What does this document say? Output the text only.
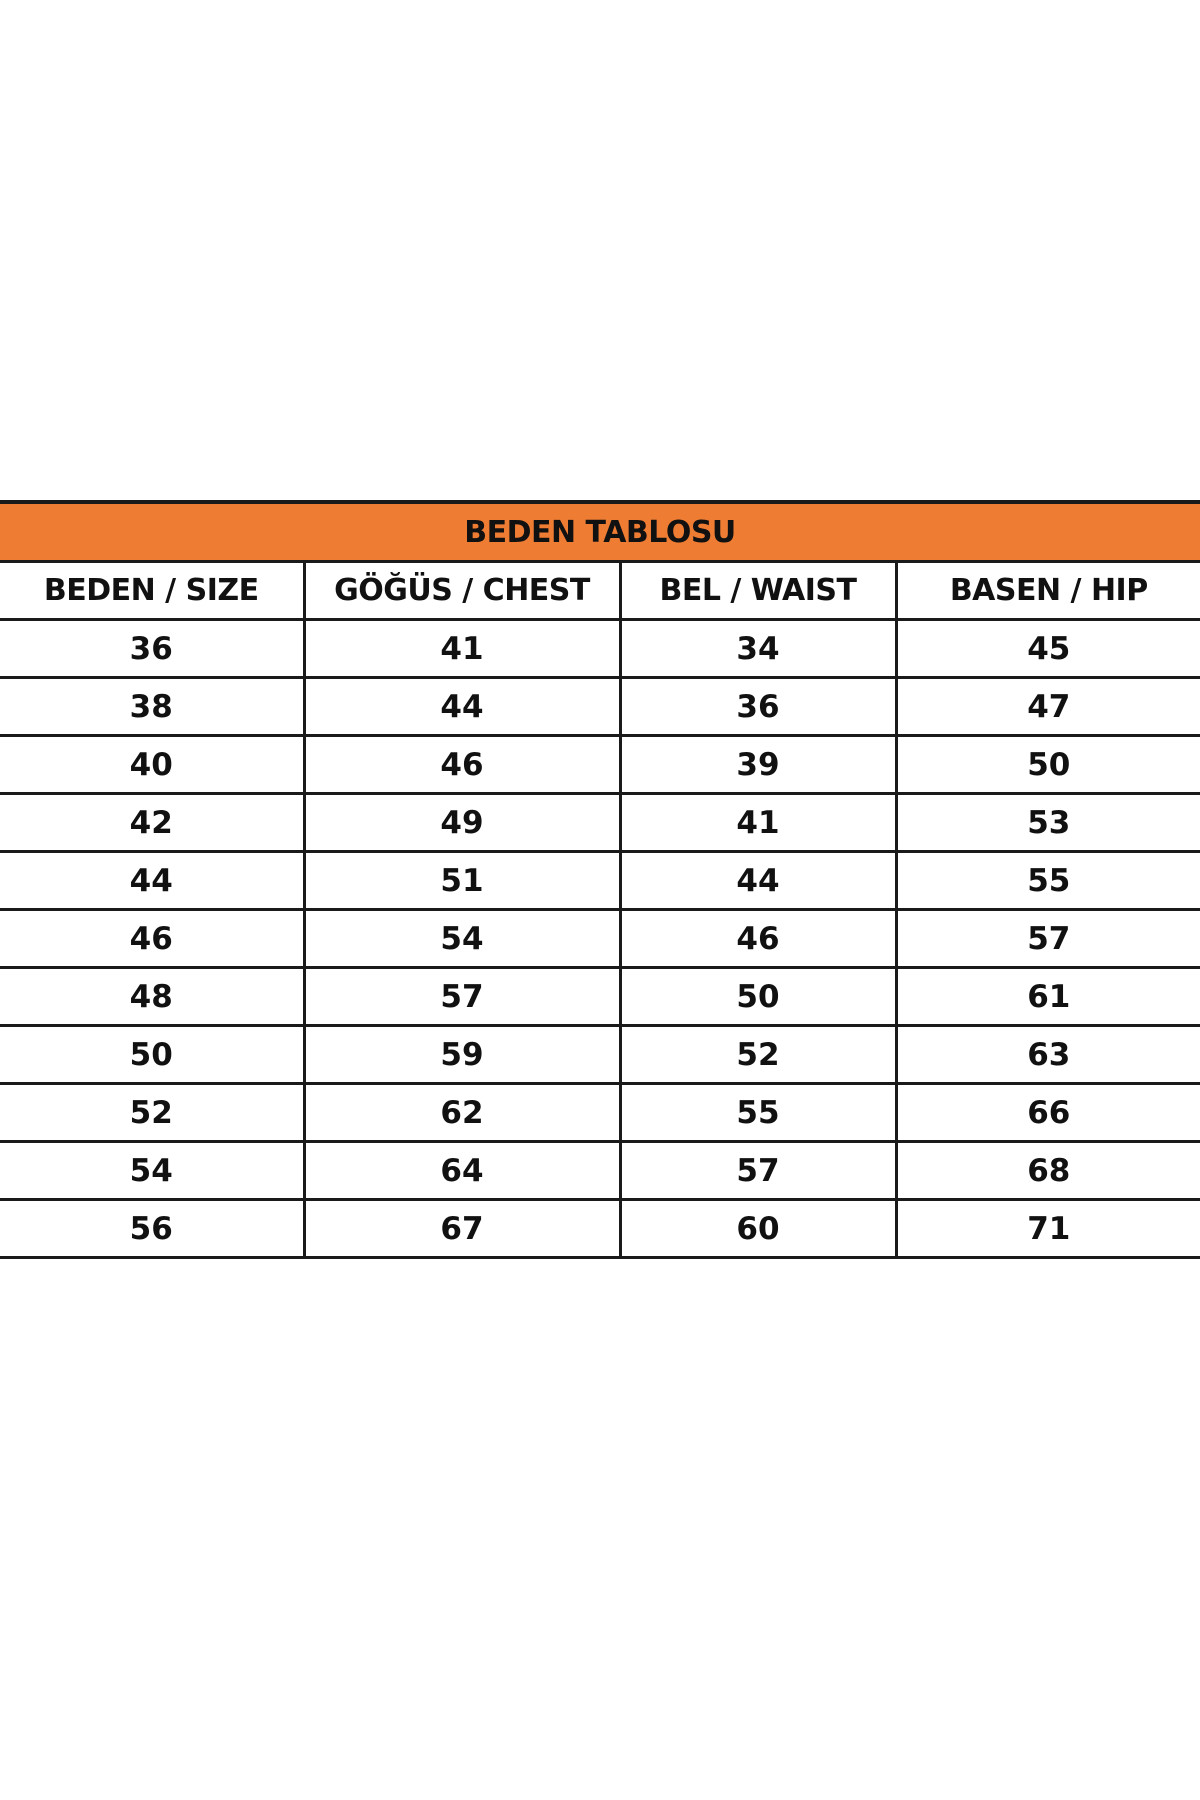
BEDEN TABLOSU			
BEDEN / SIZE	GÖĞÜS / CHEST	BEL / WAIST	BASEN / HIP
36	41	34	45
38	44	36	47
40	46	39	50
42	49	41	53
44	51	44	55
46	54	46	57
48	57	50	61
50	59	52	63
52	62	55	66
54	64	57	68
56	67	60	71
